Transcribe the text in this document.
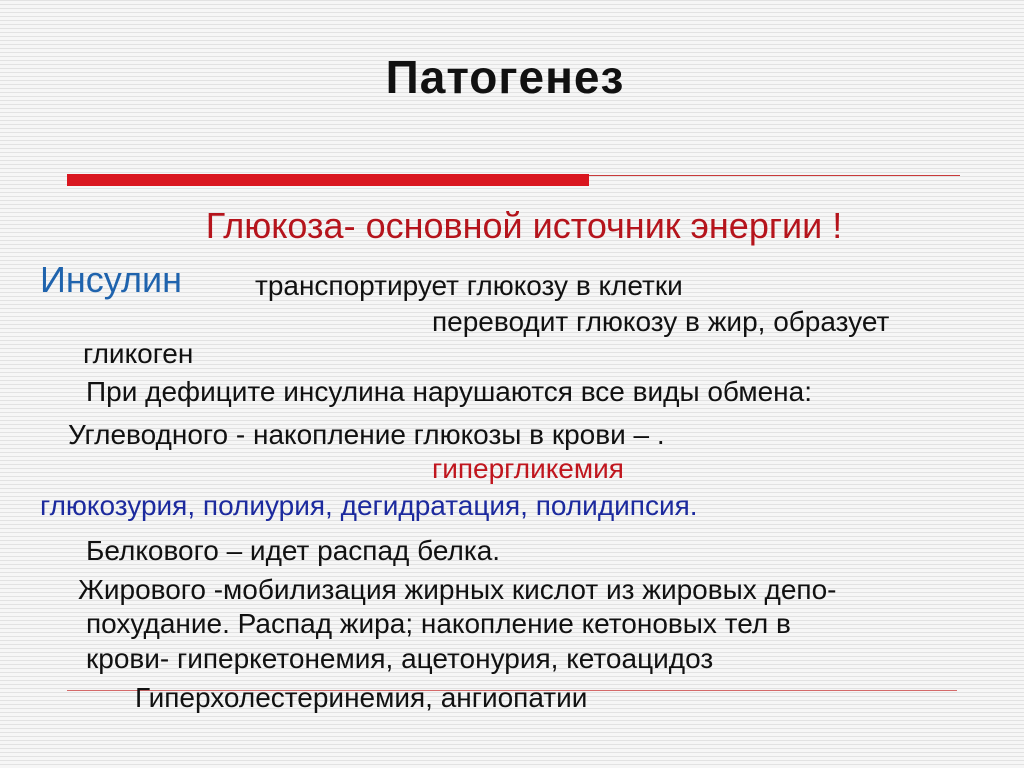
Патогенез
Глюкоза- основной источник энергии !
Инсулин	транспортирует глюкозу в клетки
переводит глюкозу в жир, образует
гликоген
При дефиците инсулина нарушаются все виды обмена:
Углеводного - накопление глюкозы в крови – .
гипергликемия
глюкозурия, полиурия, дегидратация, полидипсия.
Белкового – идет распад белка.
Жирового -мобилизация жирных кислот из жировых депо-
похудание. Распад жира; накопление кетоновых тел в
крови- гиперкетонемия, ацетонурия, кетоацидоз
Гиперхолестеринемия, ангиопатии
